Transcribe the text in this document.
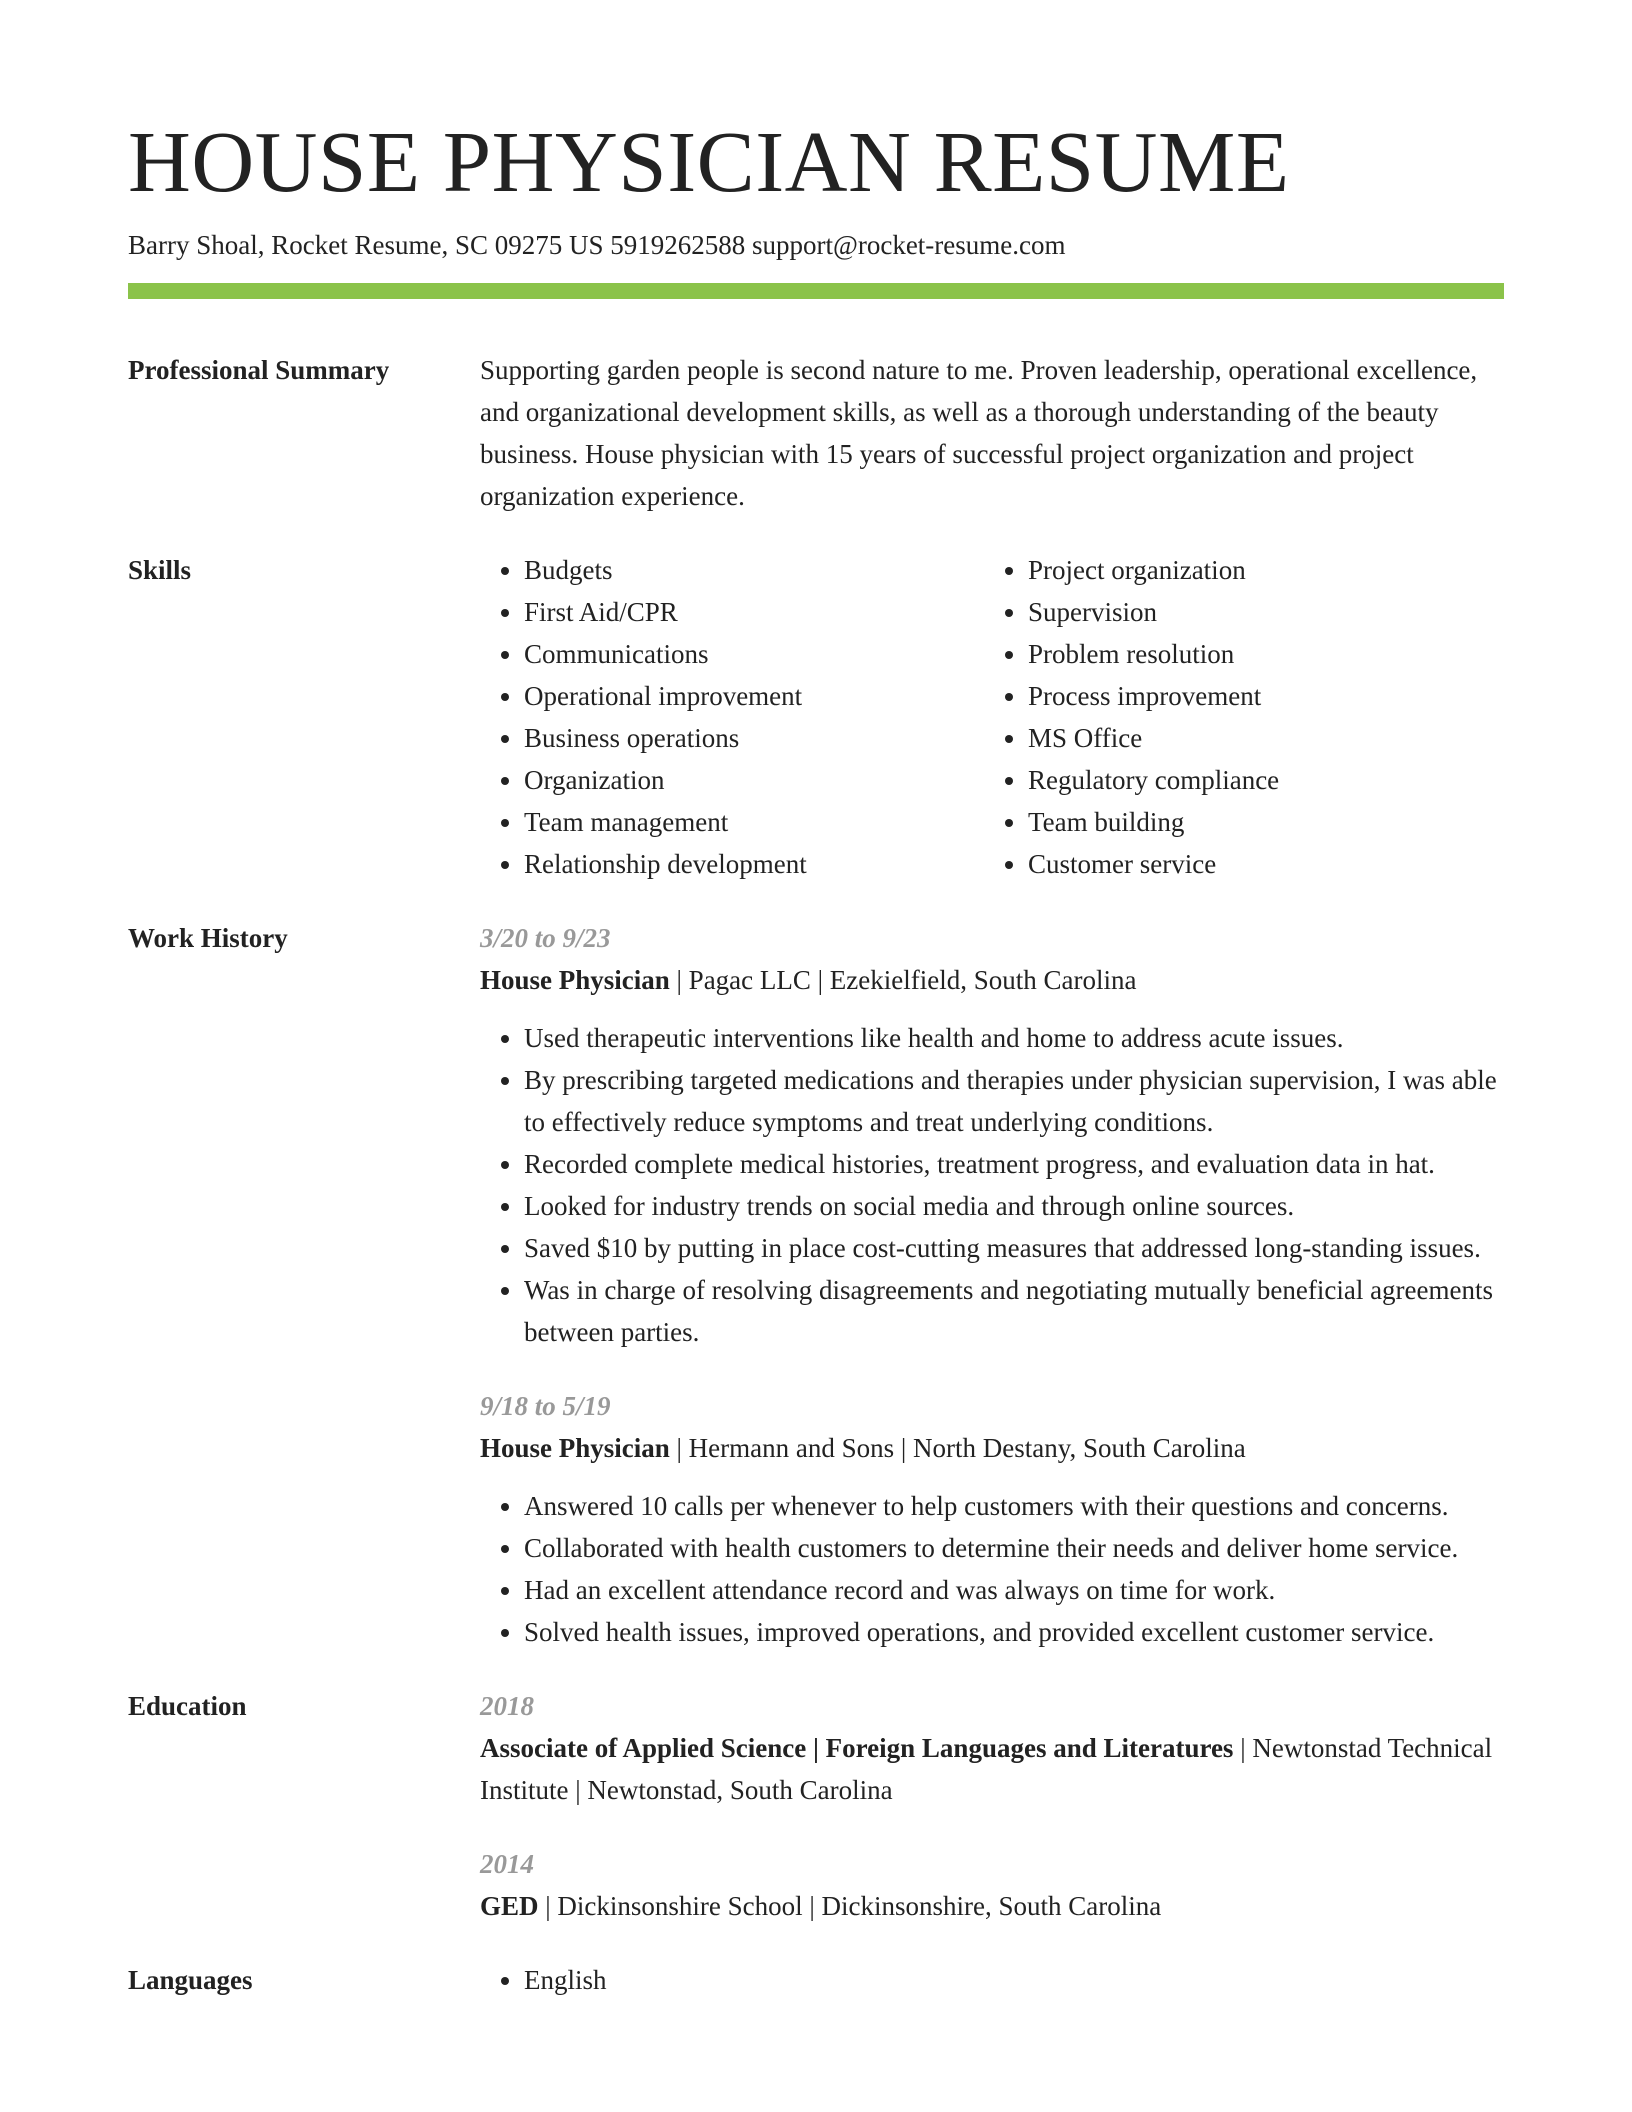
HOUSE PHYSICIAN RESUME
Barry Shoal, Rocket Resume, SC 09275 US 5919262588 support@rocket-resume.com
Professional Summary	Supporting garden people is second nature to me. Proven leadership, operational excellence, and organizational development skills, as well as a thorough understanding of the beauty business. House physician with 15 years of successful project organization and project organization experience.
Skills	• Budgets
• First Aid/CPR
• Communications
• Operational improvement
• Business operations
• Organization
• Team management
• Relationship development
• Project organization
• Supervision
• Problem resolution
• Process improvement
• MS Office
• Regulatory compliance
• Team building
• Customer service
Work History	3/20 to 9/23
House Physician | Pagac LLC | Ezekielfield, South Carolina
• Used therapeutic interventions like health and home to address acute issues.
• By prescribing targeted medications and therapies under physician supervision, I was able to effectively reduce symptoms and treat underlying conditions.
• Recorded complete medical histories, treatment progress, and evaluation data in hat.
• Looked for industry trends on social media and through online sources.
• Saved $10 by putting in place cost-cutting measures that addressed long-standing issues.
• Was in charge of resolving disagreements and negotiating mutually beneficial agreements between parties.
9/18 to 5/19
House Physician | Hermann and Sons | North Destany, South Carolina
• Answered 10 calls per whenever to help customers with their questions and concerns.
• Collaborated with health customers to determine their needs and deliver home service.
• Had an excellent attendance record and was always on time for work.
• Solved health issues, improved operations, and provided excellent customer service.
Education	2018
Associate of Applied Science | Foreign Languages and Literatures | Newtonstad Technical Institute | Newtonstad, South Carolina
2014
GED | Dickinsonshire School | Dickinsonshire, South Carolina
Languages	• English
